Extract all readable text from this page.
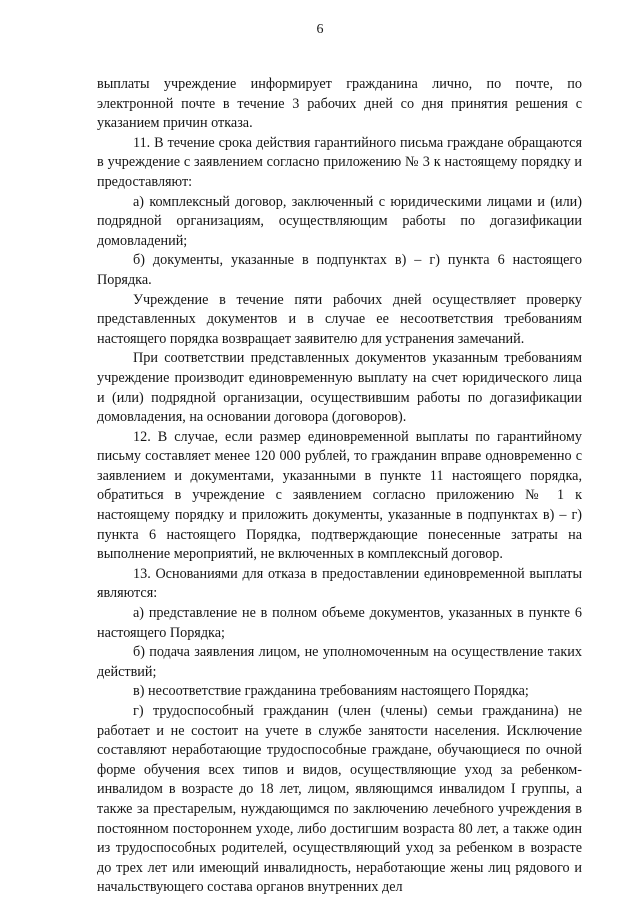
6

выплаты учреждение информирует гражданина лично, по почте, по электронной почте в течение 3 рабочих дней со дня принятия решения с указанием причин отказа.

11. В течение срока действия гарантийного письма граждане обращаются в учреждение с заявлением согласно приложению № 3 к настоящему порядку и предоставляют:

а) комплексный договор, заключенный с юридическими лицами и (или) подрядной организациям, осуществляющим работы по догазификации домовладений;

б) документы, указанные в подпунктах в) – г) пункта 6 настоящего Порядка.

Учреждение в течение пяти рабочих дней осуществляет проверку представленных документов и в случае ее несоответствия требованиям настоящего порядка возвращает заявителю для устранения замечаний.

При соответствии представленных документов указанным требованиям учреждение производит единовременную выплату на счет юридического лица и (или) подрядной организации, осуществившим работы по догазификации домовладения, на основании договора (договоров).

12. В случае, если размер единовременной выплаты по гарантийному письму составляет менее 120 000 рублей, то гражданин вправе одновременно с заявлением и документами, указанными в пункте 11 настоящего порядка, обратиться в учреждение с заявлением согласно приложению № 1 к настоящему порядку и приложить документы, указанные в подпунктах в) – г) пункта 6 настоящего Порядка, подтверждающие понесенные затраты на выполнение мероприятий, не включенных в комплексный договор.

13. Основаниями для отказа в предоставлении единовременной выплаты являются:

а) представление не в полном объеме документов, указанных в пункте 6 настоящего Порядка;

б) подача заявления лицом, не уполномоченным на осуществление таких действий;

в) несоответствие гражданина требованиям настоящего Порядка;

г) трудоспособный гражданин (член (члены) семьи гражданина) не работает и не состоит на учете в службе занятости населения. Исключение составляют неработающие трудоспособные граждане, обучающиеся по очной форме обучения всех типов и видов, осуществляющие уход за ребенком-инвалидом в возрасте до 18 лет, лицом, являющимся инвалидом I группы, а также за престарелым, нуждающимся по заключению лечебного учреждения в постоянном постороннем уходе, либо достигшим возраста 80 лет, а также один из трудоспособных родителей, осуществляющий уход за ребенком в возрасте до трех лет или имеющий инвалидность, неработающие жены лиц рядового и начальствующего состава органов внутренних дел
